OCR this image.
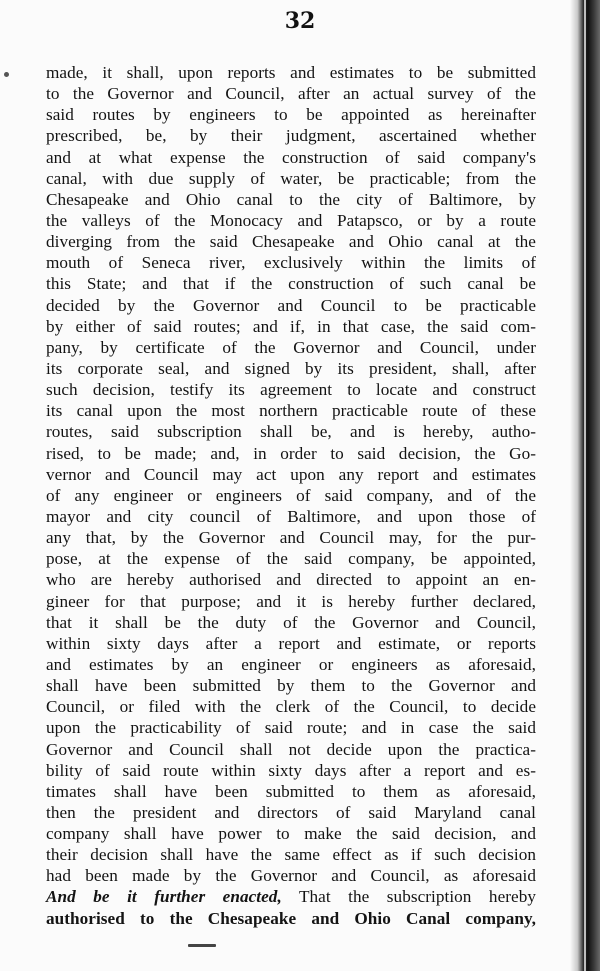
32
made, it shall, upon reports and estimates to be submitted
to the Governor and Council, after an actual survey of the
said routes by engineers to be appointed as hereinafter
prescribed, be, by their judgment, ascertained whether
and at what expense the construction of said company's
canal, with due supply of water, be practicable; from the
Chesapeake and Ohio canal to the city of Baltimore, by
the valleys of the Monocacy and Patapsco, or by a route
diverging from the said Chesapeake and Ohio canal at the
mouth of Seneca river, exclusively within the limits of
this State; and that if the construction of such canal be
decided by the Governor and Council to be practicable
by either of said routes; and if, in that case, the said com-
pany, by certificate of the Governor and Council, under
its corporate seal, and signed by its president, shall, after
such decision, testify its agreement to locate and construct
its canal upon the most northern practicable route of these
routes, said subscription shall be, and is hereby, autho-
rised, to be made; and, in order to said decision, the Go-
vernor and Council may act upon any report and estimates
of any engineer or engineers of said company, and of the
mayor and city council of Baltimore, and upon those of
any that, by the Governor and Council may, for the pur-
pose, at the expense of the said company, be appointed,
who are hereby authorised and directed to appoint an en-
gineer for that purpose; and it is hereby further declared,
that it shall be the duty of the Governor and Council,
within sixty days after a report and estimate, or reports
and estimates by an engineer or engineers as aforesaid,
shall have been submitted by them to the Governor and
Council, or filed with the clerk of the Council, to decide
upon the practicability of said route; and in case the said
Governor and Council shall not decide upon the practica-
bility of said route within sixty days after a report and es-
timates shall have been submitted to them as aforesaid,
then the president and directors of said Maryland canal
company shall have power to make the said decision, and
their decision shall have the same effect as if such decision
had been made by the Governor and Council, as aforesaid
And be it further enacted, That the subscription hereby
authorised to the Chesapeake and Ohio Canal company,
